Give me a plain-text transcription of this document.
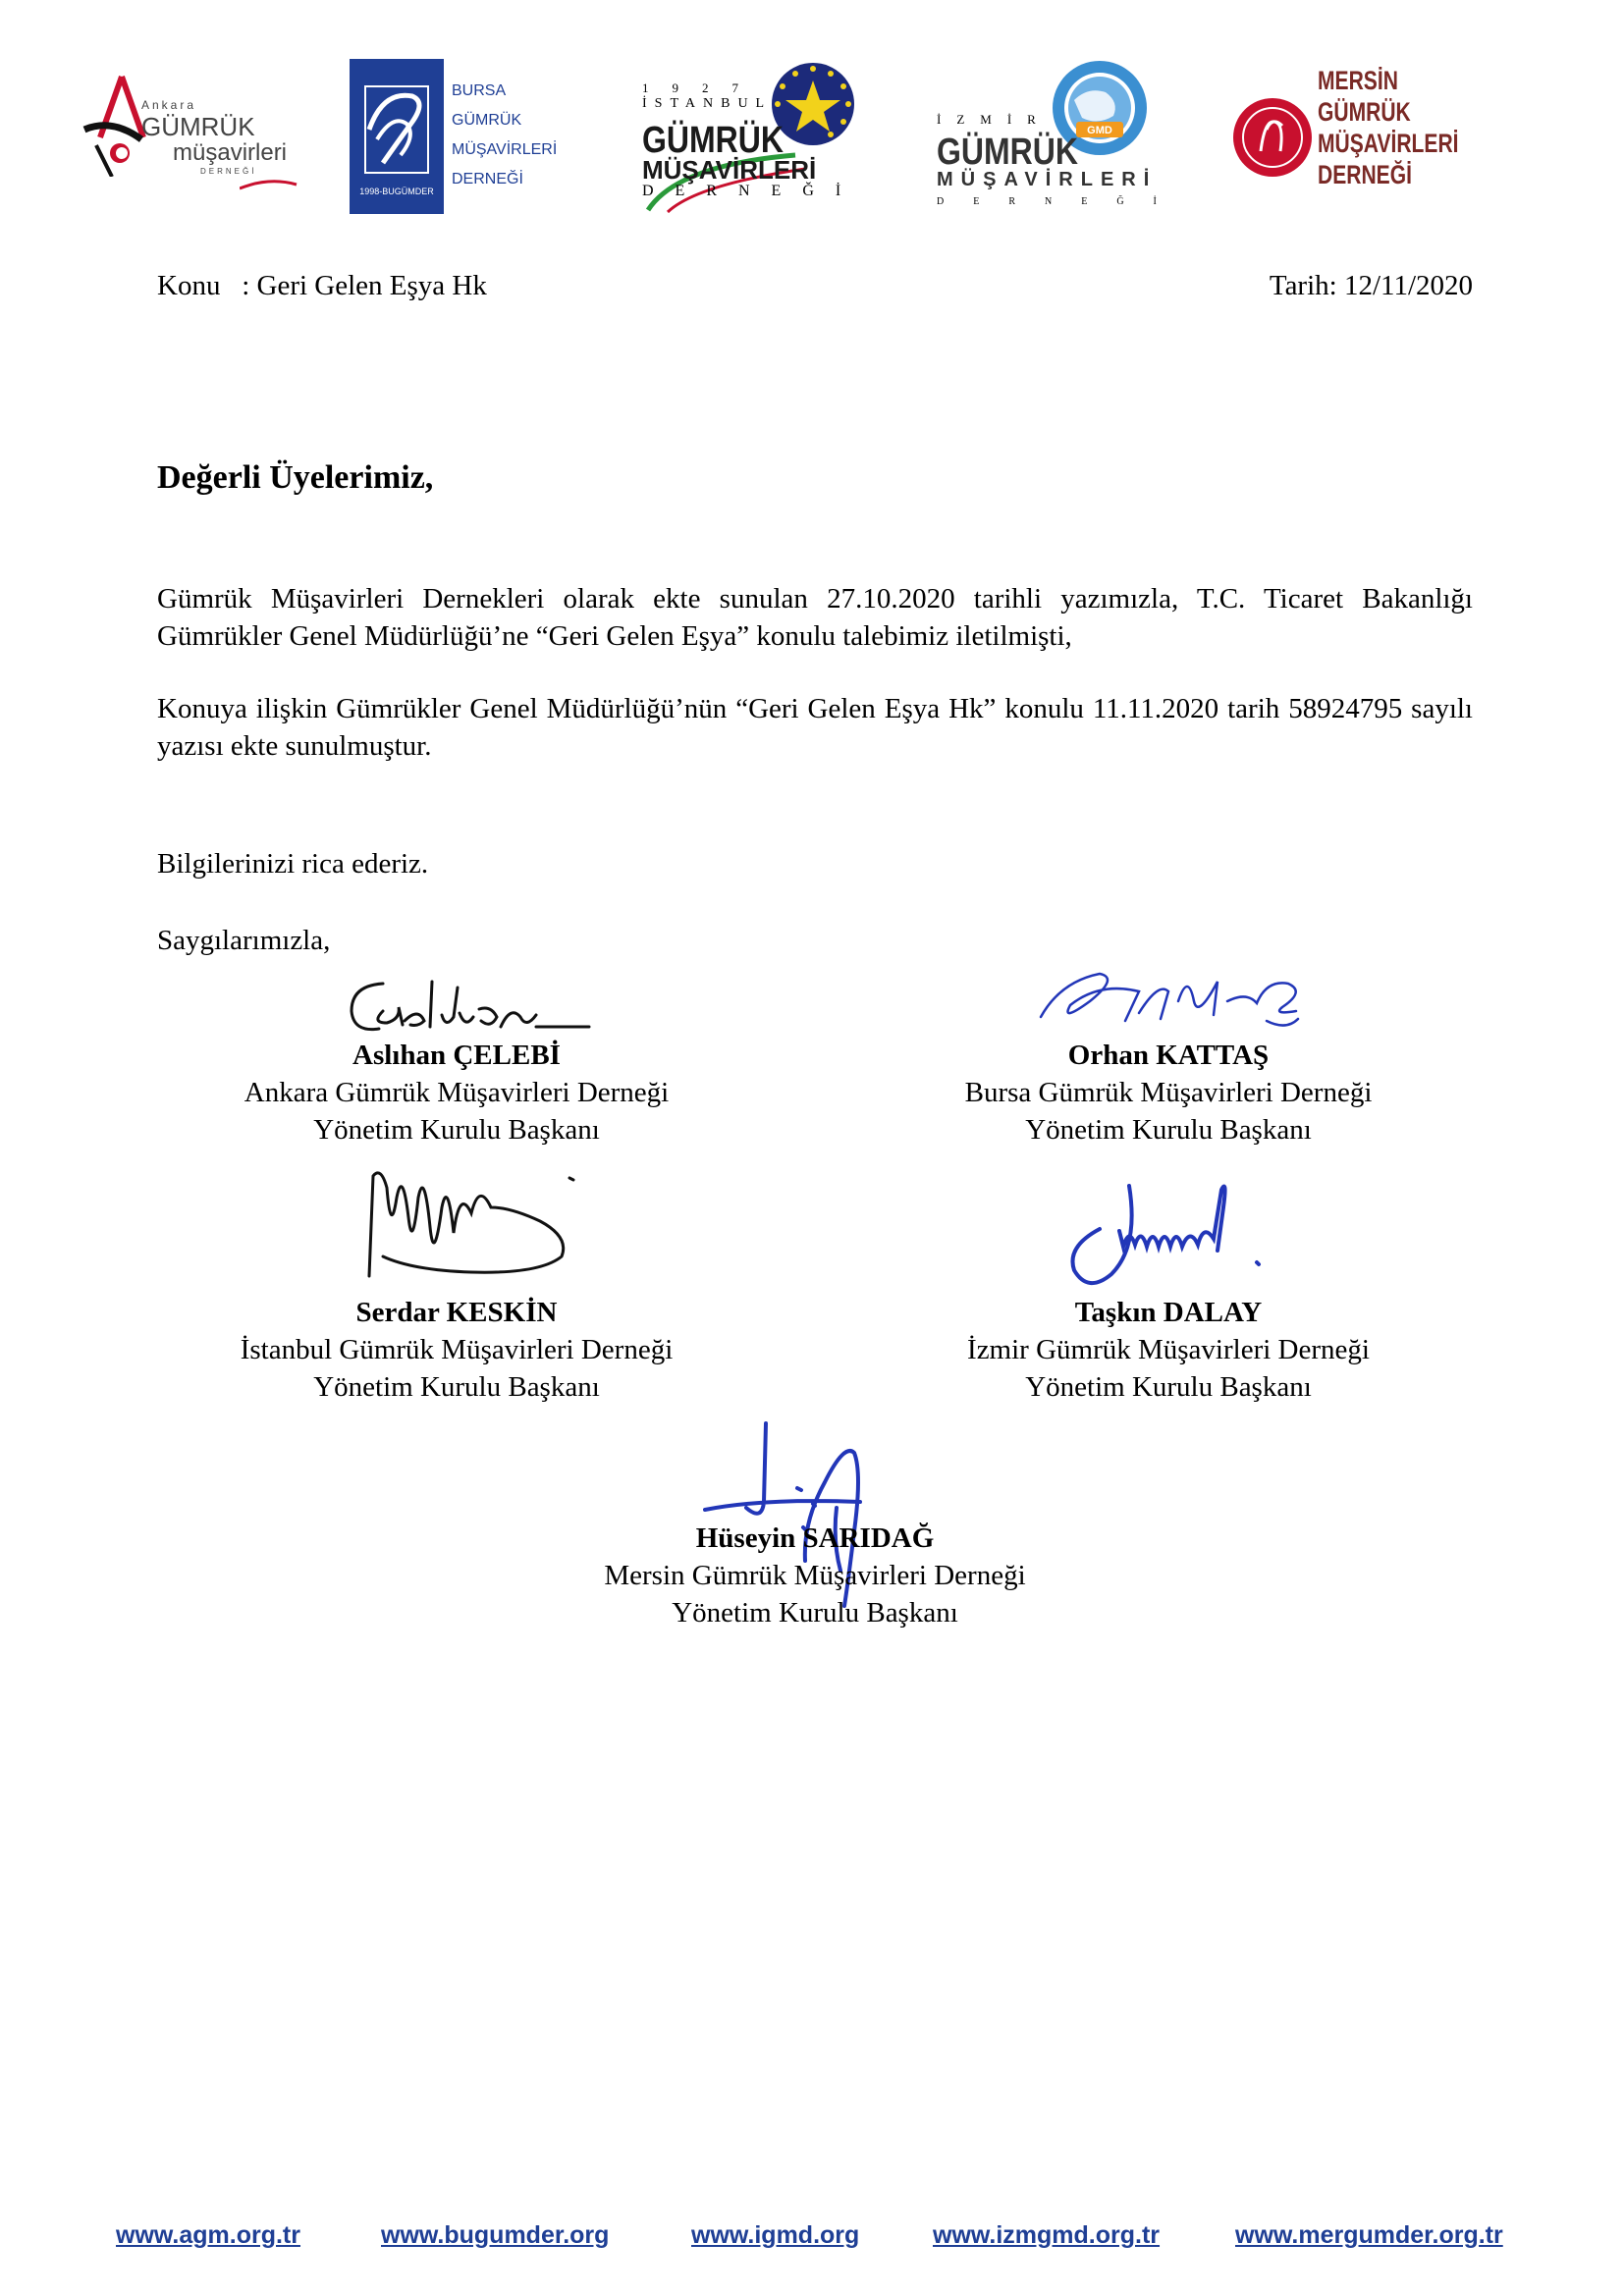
Ankara
GÜMRÜK
müşavirleri
DERNEĞİ
1998-BUGÜMDER
BURSA
GÜMRÜK
MÜŞAVİRLERİ
DERNEĞİ
1927
İSTANBUL
GÜMRÜK
MÜŞAVİRLERİ
DERNEĞİ
GMD
İZMİR
GÜMRÜK
MÜŞAVİRLERİ
DERNEĞİ
MERSİN
GÜMRÜK
MÜŞAVİRLERİ
DERNEĞİ
Konu   : Geri Gelen Eşya Hk	Tarih: 12/11/2020
Değerli Üyelerimiz,
Gümrük Müşavirleri Dernekleri olarak ekte sunulan 27.10.2020 tarihli yazımızla, T.C. Ticaret Bakanlığı Gümrükler Genel Müdürlüğü’ne “Geri Gelen Eşya” konulu talebimiz iletilmişti,
Konuya ilişkin Gümrükler Genel Müdürlüğü’nün “Geri Gelen Eşya Hk” konulu 11.11.2020 tarih 58924795 sayılı yazısı ekte sunulmuştur.
Bilgilerinizi rica ederiz.
Saygılarımızla,
Aslıhan ÇELEBİ
Ankara Gümrük Müşavirleri Derneği
Yönetim Kurulu Başkanı
Orhan KATTAŞ
Bursa Gümrük Müşavirleri Derneği
Yönetim Kurulu Başkanı
Serdar KESKİN
İstanbul Gümrük Müşavirleri Derneği
Yönetim Kurulu Başkanı
Taşkın DALAY
İzmir Gümrük Müşavirleri Derneği
Yönetim Kurulu Başkanı
Hüseyin SARIDAĞ
Mersin Gümrük Müşavirleri Derneği
Yönetim Kurulu Başkanı
www.agm.org.tr	www.bugumder.org	www.igmd.org	www.izmgmd.org.tr	www.mergumder.org.tr
